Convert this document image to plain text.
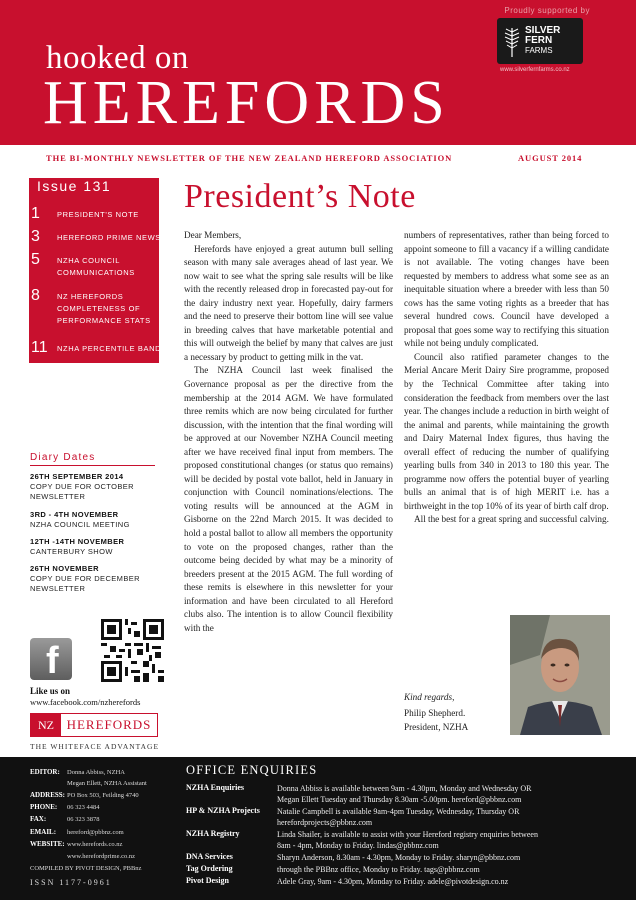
Proudly supported by
SILVER
FERN
FARMS
www.silverfernfarms.co.nz
hooked on
HEREFORDS
THE BI-MONTHLY NEWSLETTER OF THE NEW ZEALAND HEREFORD ASSOCIATION	AUGUST 2014
Issue 131
1	PRESIDENT'S NOTE
3	HEREFORD PRIME NEWS
5	NZHA COUNCIL COMMUNICATIONS
8	NZ HEREFORDS COMPLETENESS OF PERFORMANCE STATS
11	NZHA PERCENTILE BANDS
Diary Dates
26TH SEPTEMBER 2014
COPY DUE FOR OCTOBER NEWSLETTER
3RD - 4TH NOVEMBER
NZHA COUNCIL MEETING
12TH -14TH NOVEMBER
CANTERBURY SHOW
26TH NOVEMBER
COPY DUE FOR DECEMBER NEWSLETTER
f
Like us on
www.facebook.com/nzherefords
NZ HEREFORDS
THE WHITEFACE ADVANTAGE
President’s Note

Dear Members,

Herefords have enjoyed a great autumn bull selling season with many sale averages ahead of last year. We now wait to see what the spring sale results will be like with the recently released drop in forecasted pay-out for the dairy industry next year. Hopefully, dairy farmers and the need to preserve their bottom line will see value in breeding calves that have marketable potential and this will outweigh the belief by many that calves are just a necessary by product to getting milk in the vat.

The NZHA Council last week finalised the Governance proposal as per the directive from the membership at the 2014 AGM. We have formulated three remits which are now being circulated for further discussion, with the intention that the final wording will be approved at our November NZHA Council meeting after we have received final input from members. The proposed constitutional changes (or status quo remains) will be decided by postal vote ballot, held in January in conjunction with Council nominations/elections. The voting results will be announced at the AGM in Gisborne on the 22nd March 2015. It was decided to hold a postal ballot to allow all members the opportunity to vote on the proposed changes, rather than the outcome being decided by what may be a minority of breeders present at the 2015 AGM. The full wording of these remits is elsewhere in this newsletter for your information and have been circulated to all Hereford clubs also. The intention is to allow Council flexibility with the

numbers of representatives, rather than being forced to appoint someone to fill a vacancy if a willing candidate is not available. The voting changes have been requested by members to address what some see as an inequitable situation where a breeder with less than 50 cows has the same voting rights as a breeder that has several hundred cows. Council have developed a proposal that goes some way to rectifying this situation while not being unduly complicated.

Council also ratified parameter changes to the Merial Ancare Merit Dairy Sire programme, proposed by the Technical Committee after taking into consideration the feedback from members over the last year. The changes include a reduction in birth weight of the animal and parents, while maintaining the growth and Dairy Maternal Index figures, thus having the overall effect of reducing the number of qualifying yearling bulls from 340 in 2013 to 180 this year. The programme now offers the potential buyer of yearling bulls an animal that is of high MERIT i.e. has a birthweight in the top 10% of its year of birth calf drop.

All the best for a great spring and successful calving.

Kind regards,
Philip Shepherd.
President, NZHA
EDITOR: Donna Abbiss, NZHA
Megan Ellett, NZHA Assistant
ADDRESS: PO Box 503, Feilding 4740
PHONE: 06 323 4484
FAX:	06 323 3878
EMAIL: hereford@pbbnz.com
WEBSITE: www.herefords.co.nz
www.herefordprime.co.nz
COMPILED BY PIVOT DESIGN, PBBnz
ISSN 1177-0961
OFFICE ENQUIRIES
NZHA Enquiries	Donna Abbiss is available between 9am - 4.30pm, Monday and Wednesday OR
Megan Ellett Tuesday and Thursday 8.30am -5.00pm. hereford@pbbnz.com
HP & NZHA Projects Natalie Campbell is available 9am-4pm Tuesday, Wednesday, Thursday OR
herefordprojects@pbbnz.com
NZHA Registry	Linda Shailer, is available to assist with your Hereford registry enquiries between
8am - 4pm, Monday to Friday. lindas@pbbnz.com
DNA Services	Sharyn Anderson, 8.30am - 4.30pm, Monday to Friday. sharyn@pbbnz.com
Tag Ordering	through the PBBnz office, Monday to Friday. tags@pbbnz.com
Pivot Design	Adele Gray, 9am - 4.30pm, Monday to Friday. adele@pivotdesign.co.nz
